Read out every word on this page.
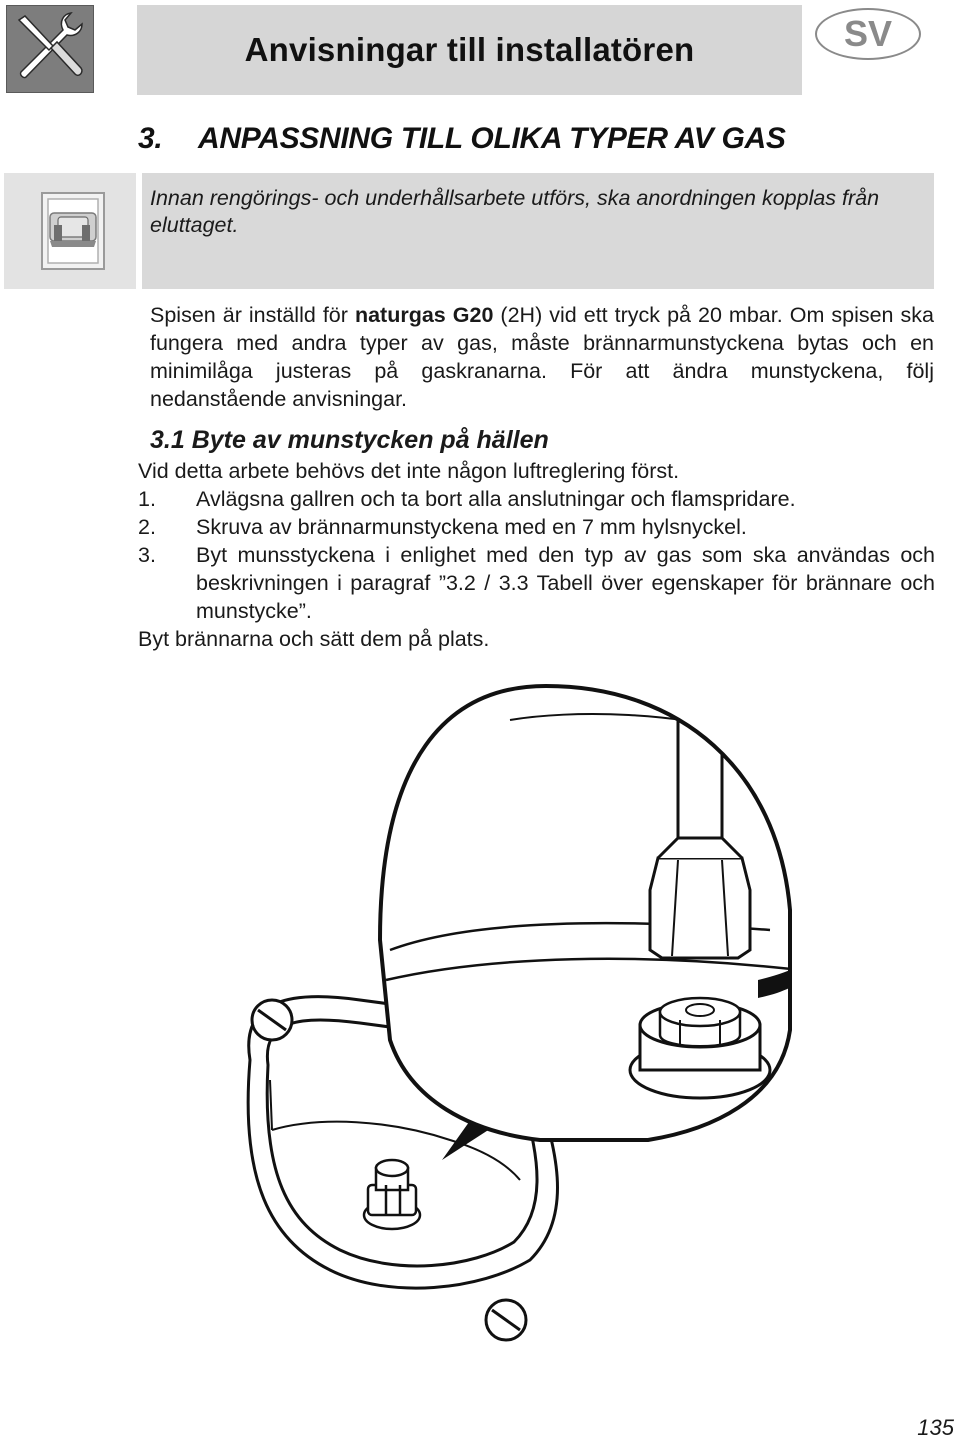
Anvisningar till installatören	SV
3. ANPASSNING TILL OLIKA TYPER AV GAS
Innan rengörings- och underhållsarbete utförs, ska anordningen kopplas från eluttaget.
Spisen är inställd för naturgas G20 (2H) vid ett tryck på 20 mbar. Om spisen ska fungera med andra typer av gas, måste brännarmunstyckena bytas och en minimilåga justeras på gaskranarna. För att ändra munstyckena, följ nedanstående anvisningar.
3.1 Byte av munstycken på hällen
Vid detta arbete behövs det inte någon luftreglering först.
1.	Avlägsna gallren och ta bort alla anslutningar och flamspridare.
2.	Skruva av brännarmunstyckena med en 7 mm hylsnyckel.
3.	Byt munsstyckena i enlighet med den typ av gas som ska användas och beskrivningen i paragraf ”3.2 / 3.3 Tabell över egenskaper för brännare och munstycke”.
Byt brännarna och sätt dem på plats.
135
